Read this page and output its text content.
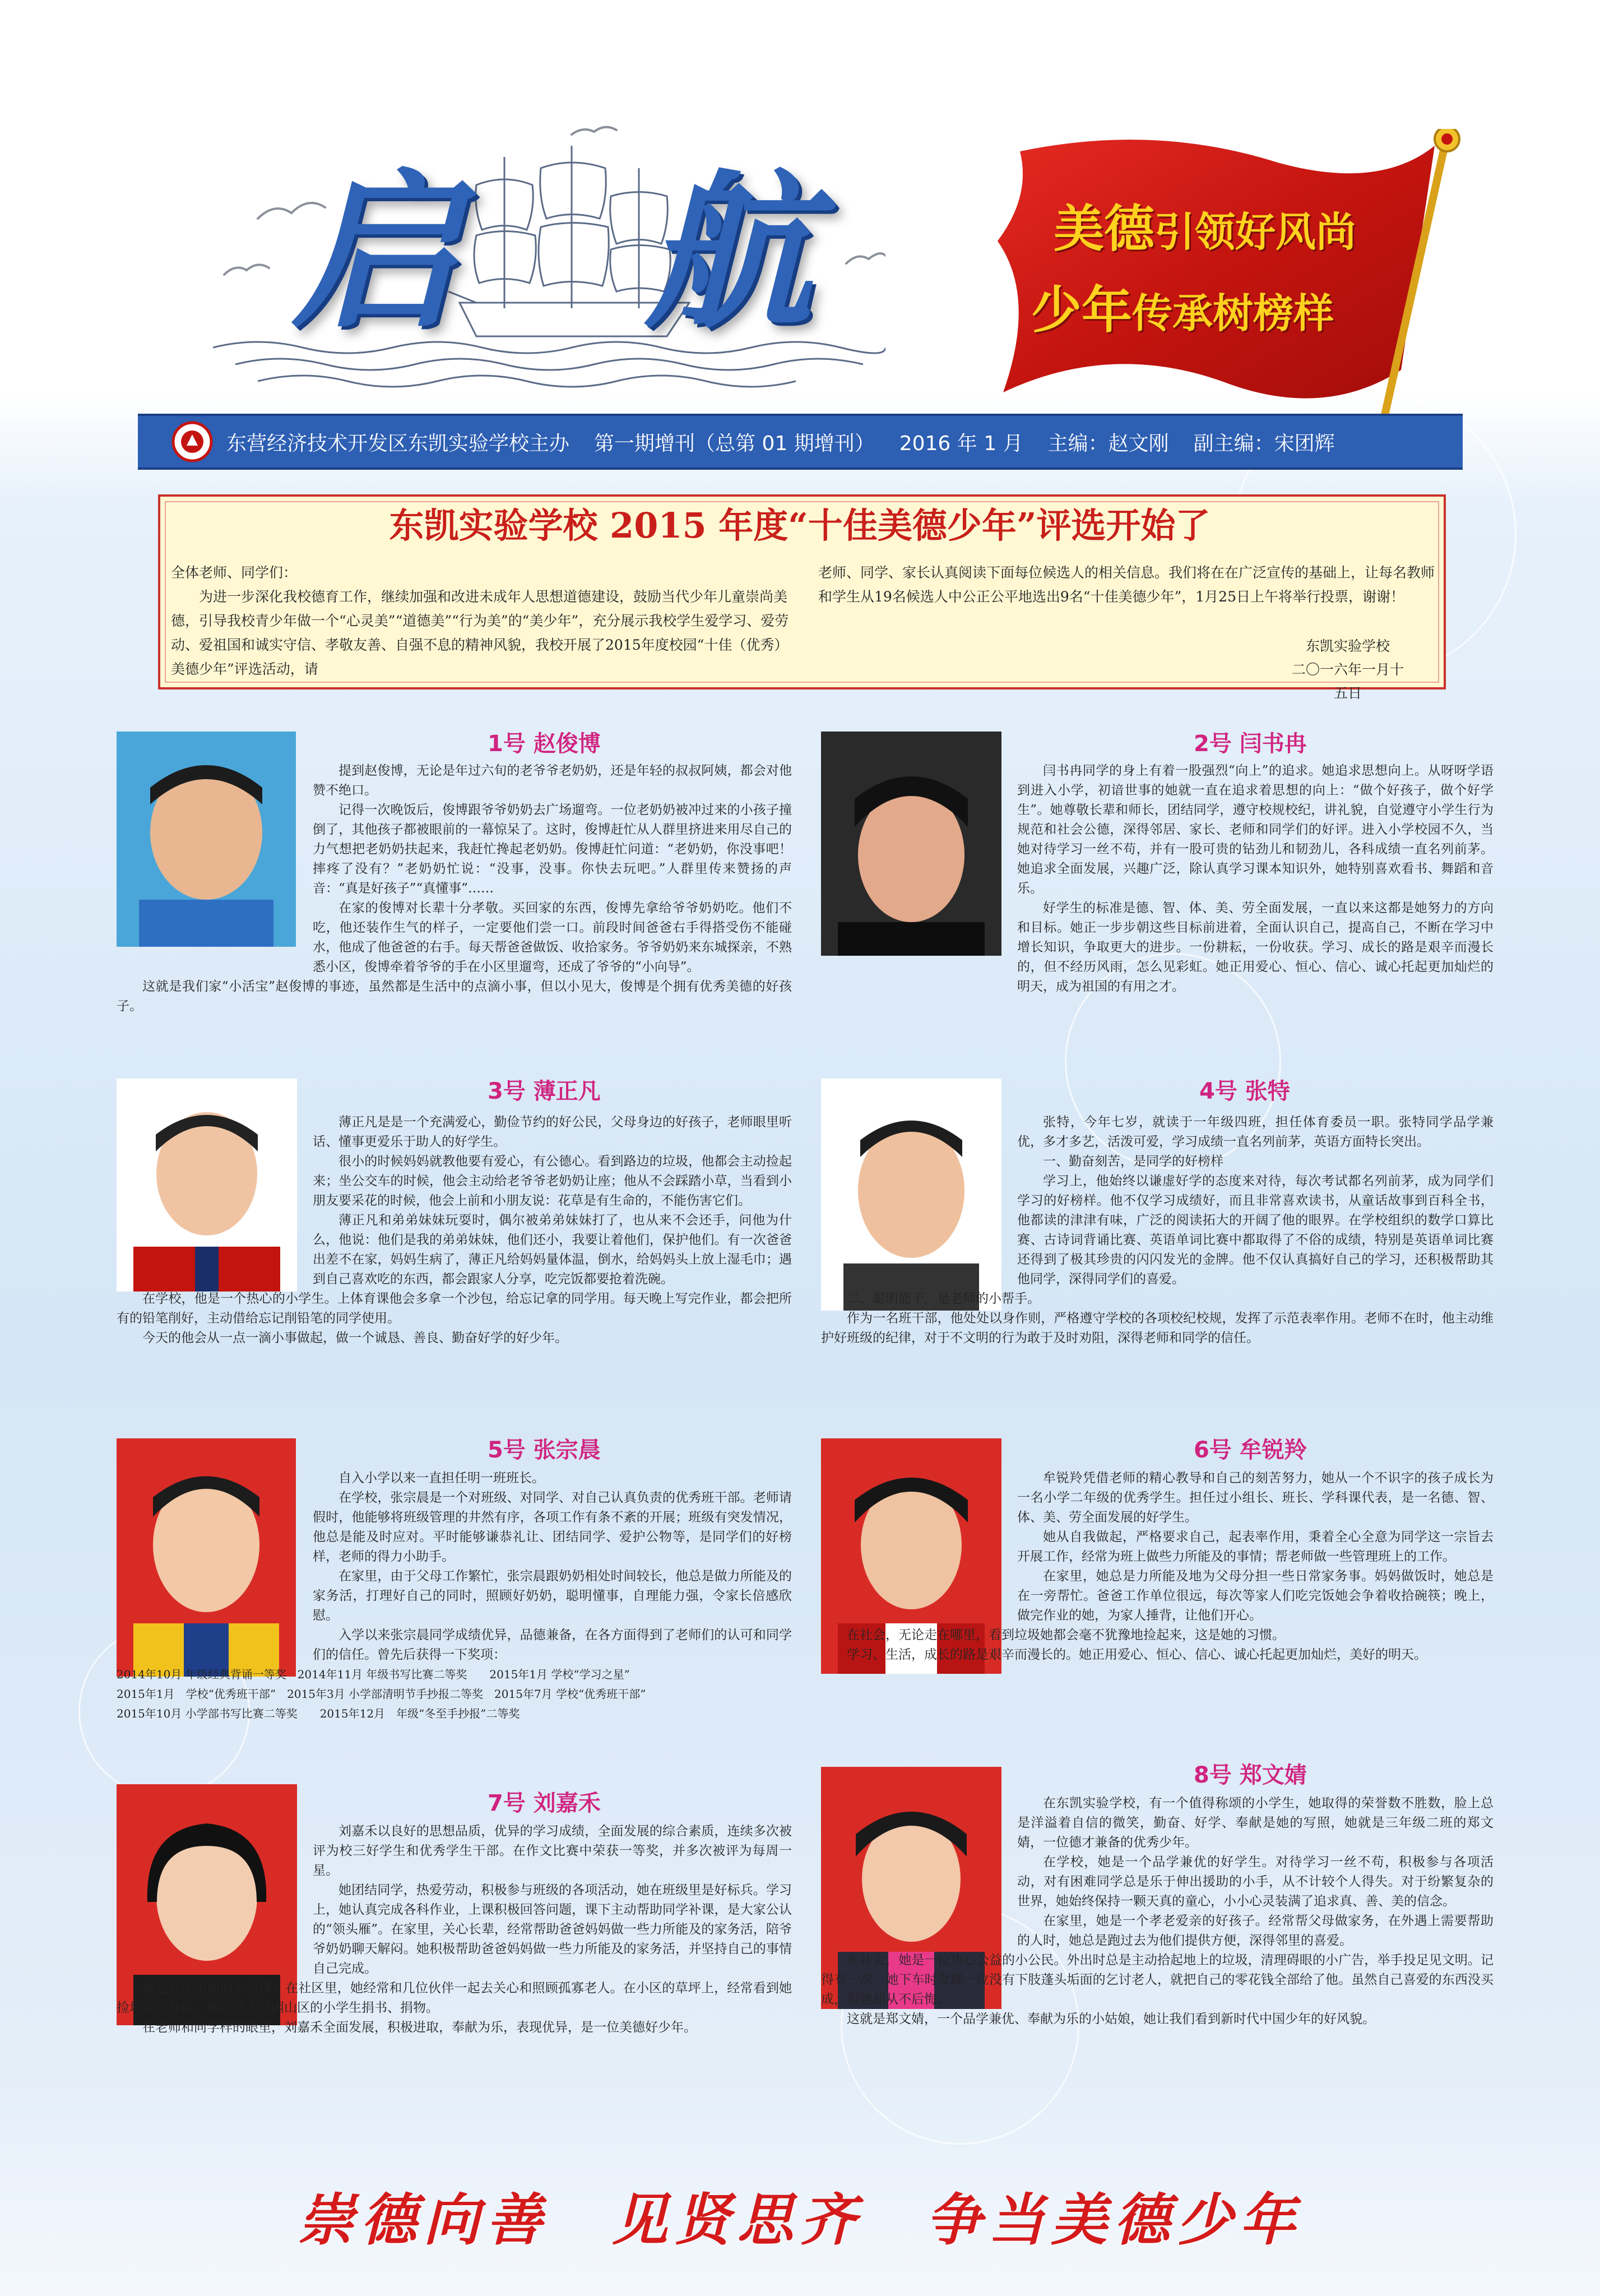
启 航	美德引领好风尚
少年传承树榜样
东营经济技术开发区东凯实验学校主办 第一期增刊（总第 01 期增刊） 2016 年 1 月 主编：赵文刚 副主编：宋团辉
东凯实验学校 2015 年度“十佳美德少年”评选开始了
全体老师、同学们：
为进一步深化我校德育工作，继续加强和改进未成年人思想道德建设，鼓励当代少年儿童崇尚美德，引导我校青少年做一个“心灵美”“道德美”“行为美”的“美少年”，充分展示我校学生爱学习、爱劳动、爱祖国和诚实守信、孝敬友善、自强不息的精神风貌，我校开展了2015年度校园“十佳（优秀）美德少年”评选活动，请
老师、同学、家长认真阅读下面每位候选人的相关信息。我们将在在广泛宣传的基础上，让每名教师和学生从19名候选人中公正公平地选出9名“十佳美德少年”，1月25日上午将举行投票，谢谢！
东凯实验学校
二〇一六年一月十五日
1号 赵俊博

提到赵俊博，无论是年过六旬的老爷爷老奶奶，还是年轻的叔叔阿姨，都会对他赞不绝口。

记得一次晚饭后，俊博跟爷爷奶奶去广场遛弯。一位老奶奶被冲过来的小孩子撞倒了，其他孩子都被眼前的一幕惊呆了。这时，俊博赶忙从人群里挤进来用尽自己的力气想把老奶奶扶起来，我赶忙搀起老奶奶。俊博赶忙问道：“老奶奶，你没事吧！摔疼了没有？”老奶奶忙说：“没事，没事。你快去玩吧。”人群里传来赞扬的声音：“真是好孩子”“真懂事”……

在家的俊博对长辈十分孝敬。买回家的东西，俊博先拿给爷爷奶奶吃。他们不吃，他还装作生气的样子，一定要他们尝一口。前段时间爸爸右手得搭受伤不能碰水，他成了他爸爸的右手。每天帮爸爸做饭、收拾家务。爷爷奶奶来东城探亲，不熟悉小区，俊博牵着爷爷的手在小区里遛弯，还成了爷爷的“小向导”。

这就是我们家“小活宝”赵俊博的事迹，虽然都是生活中的点滴小事，但以小见大，俊博是个拥有优秀美德的好孩子。

2号 闫书冉

闫书冉同学的身上有着一股强烈“向上”的追求。她追求思想向上。从呀呀学语到进入小学，初谙世事的她就一直在追求着思想的向上：“做个好孩子，做个好学生”。她尊敬长辈和师长，团结同学，遵守校规校纪，讲礼貌，自觉遵守小学生行为规范和社会公德，深得邻居、家长、老师和同学们的好评。进入小学校园不久，当她对待学习一丝不苟，并有一股可贵的钻劲儿和韧劲儿，各科成绩一直名列前茅。她追求全面发展，兴趣广泛，除认真学习课本知识外，她特别喜欢看书、舞蹈和音乐。

好学生的标准是德、智、体、美、劳全面发展，一直以来这都是她努力的方向和目标。她正一步步朝这些目标前进着，全面认识自己，提高自己，不断在学习中增长知识，争取更大的进步。一份耕耘，一份收获。学习、成长的路是艰辛而漫长的，但不经历风雨，怎么见彩虹。她正用爱心、恒心、信心、诚心托起更加灿烂的明天，成为祖国的有用之才。

3号 薄正凡

薄正凡是是一个充满爱心，勤俭节约的好公民，父母身边的好孩子，老师眼里听话、懂事更爱乐于助人的好学生。

很小的时候妈妈就教他要有爱心，有公德心。看到路边的垃圾，他都会主动捡起来；坐公交车的时候，他会主动给老爷爷老奶奶让座；他从不会踩踏小草，当看到小朋友要采花的时候，他会上前和小朋友说：花草是有生命的，不能伤害它们。

薄正凡和弟弟妹妹玩耍时，偶尔被弟弟妹妹打了，也从来不会还手，问他为什么，他说：他们是我的弟弟妹妹，他们还小，我要让着他们，保护他们。有一次爸爸出差不在家，妈妈生病了，薄正凡给妈妈量体温，倒水，给妈妈头上放上湿毛巾；遇到自己喜欢吃的东西，都会跟家人分享，吃完饭都要抢着洗碗。

在学校，他是一个热心的小学生。上体育课他会多拿一个沙包，给忘记拿的同学用。每天晚上写完作业，都会把所有的铅笔削好，主动借给忘记削铅笔的同学使用。

今天的他会从一点一滴小事做起，做一个诚恳、善良、勤奋好学的好少年。

4号 张特

张特，今年七岁，就读于一年级四班，担任体育委员一职。张特同学品学兼优，多才多艺，活泼可爱，学习成绩一直名列前茅，英语方面特长突出。

一、勤奋刻苦，是同学的好榜样

学习上，他始终以谦虚好学的态度来对待，每次考试都名列前茅，成为同学们学习的好榜样。他不仅学习成绩好，而且非常喜欢读书，从童话故事到百科全书，他都读的津津有味，广泛的阅读拓大的开阔了他的眼界。在学校组织的数学口算比赛、古诗词背诵比赛、英语单词比赛中都取得了不俗的成绩，特别是英语单词比赛还得到了极其珍贵的闪闪发光的金牌。他不仅认真搞好自己的学习，还积极帮助其他同学，深得同学们的喜爱。

二、聪明能干，是老师的小帮手。

作为一名班干部，他处处以身作则，严格遵守学校的各项校纪校规，发挥了示范表率作用。老师不在时，他主动维护好班级的纪律，对于不文明的行为敢于及时劝阻，深得老师和同学的信任。

5号 张宗晨

自入小学以来一直担任明一班班长。

在学校，张宗晨是一个对班级、对同学、对自己认真负责的优秀班干部。老师请假时，他能够将班级管理的井然有序，各项工作有条不紊的开展；班级有突发情况，他总是能及时应对。平时能够谦恭礼让、团结同学、爱护公物等，是同学们的好榜样，老师的得力小助手。

在家里，由于父母工作繁忙，张宗晨跟奶奶相处时间较长，他总是做力所能及的家务活，打理好自己的同时，照顾好奶奶，聪明懂事，自理能力强，令家长倍感欣慰。

入学以来张宗晨同学成绩优异，品德兼备，在各方面得到了老师们的认可和同学们的信任。曾先后获得一下奖项：

2014年10月 年级经典背诵一等奖　2014年11月 年级书写比赛二等奖　　2015年1月 学校“学习之星”

2015年1月　学校“优秀班干部”　2015年3月 小学部清明节手抄报二等奖　2015年7月 学校“优秀班干部”

2015年10月 小学部书写比赛二等奖　　2015年12月　年级“冬至手抄报”二等奖

6号 牟锐羚

牟锐羚凭借老师的精心教导和自己的刻苦努力，她从一个不识字的孩子成长为一名小学二年级的优秀学生。担任过小组长、班长、学科课代表，是一名德、智、体、美、劳全面发展的好学生。

她从自我做起，严格要求自己，起表率作用，秉着全心全意为同学这一宗旨去开展工作，经常为班上做些力所能及的事情；帮老师做一些管理班上的工作。

在家里，她总是力所能及地为父母分担一些日常家务事。妈妈做饭时，她总是在一旁帮忙。爸爸工作单位很远，每次等家人们吃完饭她会争着收拾碗筷；晚上，做完作业的她，为家人捶背，让他们开心。

在社会，无论走在哪里，看到垃圾她都会毫不犹豫地捡起来，这是她的习惯。

学习、生活，成长的路是艰辛而漫长的。她正用爱心、恒心、信心、诚心托起更加灿烂，美好的明天。

7号 刘嘉禾

刘嘉禾以良好的思想品质，优异的学习成绩，全面发展的综合素质，连续多次被评为校三好学生和优秀学生干部。在作文比赛中荣获一等奖，并多次被评为每周一星。

她团结同学，热爱劳动，积极参与班级的各项活动，她在班级里是好标兵。学习上，她认真完成各科作业，上课积极回答问题，课下主动帮助同学补课，是大家公认的“领头雁”。在家里，关心长辈，经常帮助爸爸妈妈做一些力所能及的家务活，陪爷爷奶奶聊天解闷。她积极帮助爸爸妈妈做一些力所能及的家务活，并坚持自己的事情自己完成。

她是社区里面的小雷锋；在社区里，她经常和几位伙伴一起去关心和照顾孤寡老人。在小区的草坪上，经常看到她捡垃圾的身影。她经常为贫困山区的小学生捐书、捐物。

在老师和同学样的眼里，刘嘉禾全面发展，积极进取，奉献为乐，表现优异，是一位美德好少年。

8号 郑文婧

在东凯实验学校，有一个值得称颂的小学生，她取得的荣誉数不胜数，脸上总是洋溢着自信的微笑，勤奋、好学、奉献是她的写照，她就是三年级二班的郑文婧，一位德才兼备的优秀少年。

在学校，她是一个品学兼优的好学生。对待学习一丝不苟，积极参与各项活动，对有困难同学总是乐于伸出援助的小手，从不计较个人得失。对于纷繁复杂的世界，她始终保持一颗天真的童心，小小心灵装满了追求真、善、美的信念。

在家里，她是一个孝老爱亲的好孩子。经常帮父母做家务，在外遇上需要帮助的人时，她总是跑过去为他们提供方便，深得邻里的喜爱。

在社会，她是一位热心公益的小公民。外出时总是主动拾起地上的垃圾，清理碍眼的小广告，举手投足见文明。记得有一次，她下车时发现一位没有下肢蓬头垢面的乞讨老人，就把自己的零花钱全部给了他。虽然自己喜爱的东西没买成，但她却从不后悔。

这就是郑文婧，一个品学兼优、奉献为乐的小姑娘，她让我们看到新时代中国少年的好风貌。

崇德向善　见贤思齐　争当美德少年
